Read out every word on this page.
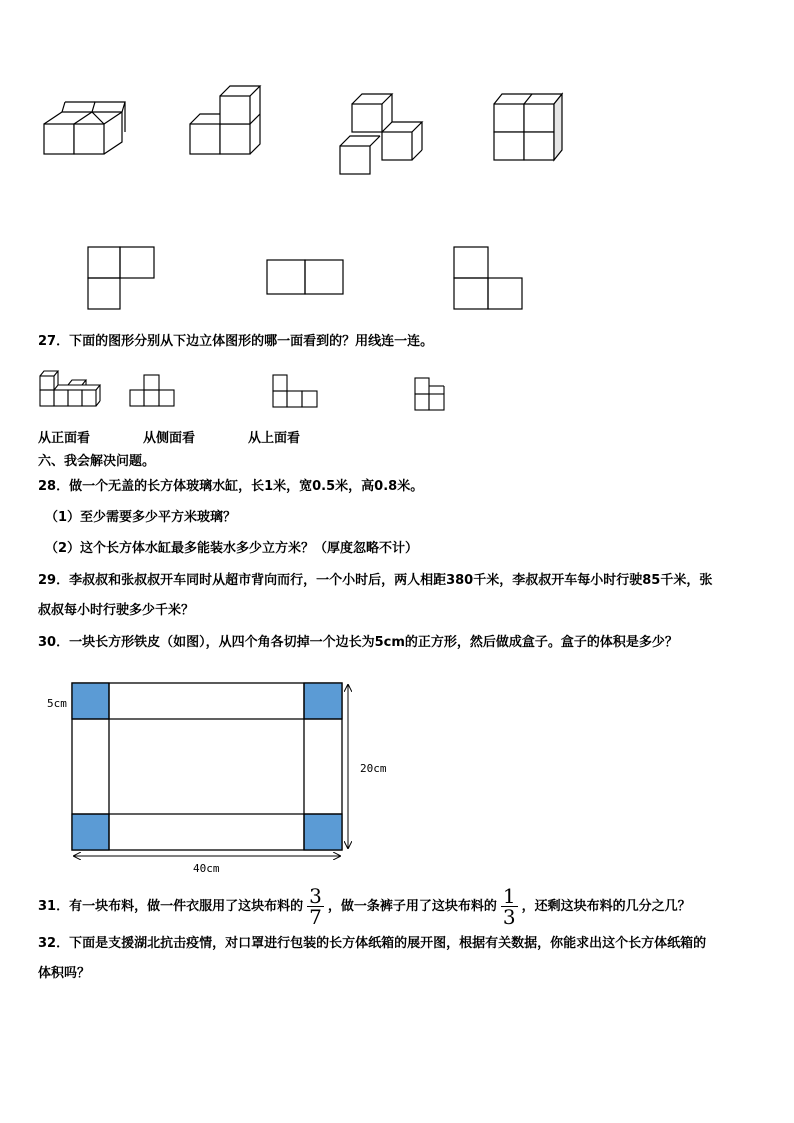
27．下面的图形分别从下边立体图形的哪一面看到的？用线连一连。
从正面看	从侧面看	从上面看
六、我会解决问题。
28．做一个无盖的长方体玻璃水缸，长1米，宽0.5米，高0.8米。
（1）至少需要多少平方米玻璃？
（2）这个长方体水缸最多能装水多少立方米？（厚度忽略不计）
29．李叔叔和张叔叔开车同时从超市背向而行，一个小时后，两人相距380千米，李叔叔开车每小时行驶85千米，张
叔叔每小时行驶多少千米？
30．一块长方形铁皮（如图），从四个角各切掉一个边长为5cm的正方形，然后做成盒子。盒子的体积是多少？
5cm
20cm
40cm
31．有一块布料，做一件衣服用了这块布料的 $\frac{3}{7}$ ，做一条裤子用了这块布料的 $\frac{1}{3}$ ，还剩这块布料的几分之几？
32．下面是支援湖北抗击疫情，对口罩进行包装的长方体纸箱的展开图，根据有关数据，你能求出这个长方体纸箱的
体积吗？
